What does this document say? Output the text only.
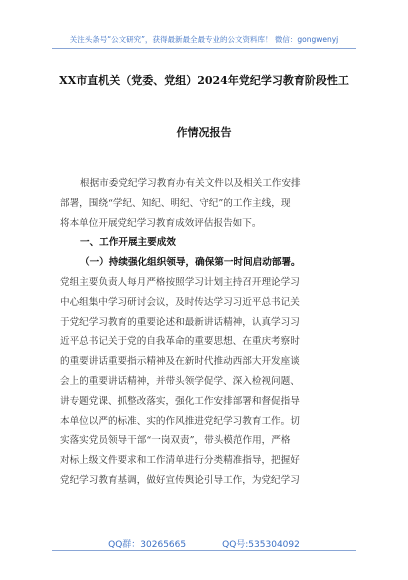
关注头条号“公文研究”，获得最新最全最专业的公文资料库！ 微信：gongwenyj
XX市直机关（党委、党组）2024年党纪学习教育阶段性工
作情况报告
根据市委党纪学习教育办有关文件以及相关工作安排
部署，围绕“学纪、知纪、明纪、守纪”的工作主线，现
将本单位开展党纪学习教育成效评估报告如下。
一、工作开展主要成效
（一）持续强化组织领导，确保第一时间启动部署。
党组主要负责人每月严格按照学习计划主持召开理论学习
中心组集中学习研讨会议，及时传达学习习近平总书记关
于党纪学习教育的重要论述和最新讲话精神，认真学习习
近平总书记关于党的自我革命的重要思想、在重庆考察时
的重要讲话重要指示精神及在新时代推动西部大开发座谈
会上的重要讲话精神，并带头领学促学、深入检视问题、
讲专题党课、抓整改落实，强化工作安排部署和督促指导
本单位以严的标准、实的作风推进党纪学习教育工作。切
实落实党员领导干部“一岗双责”，带头模范作用，严格
对标上级文件要求和工作清单进行分类精准指导，把握好
党纪学习教育基调，做好宣传舆论引导工作，为党纪学习
QQ群：30265665	QQ号:535304092
